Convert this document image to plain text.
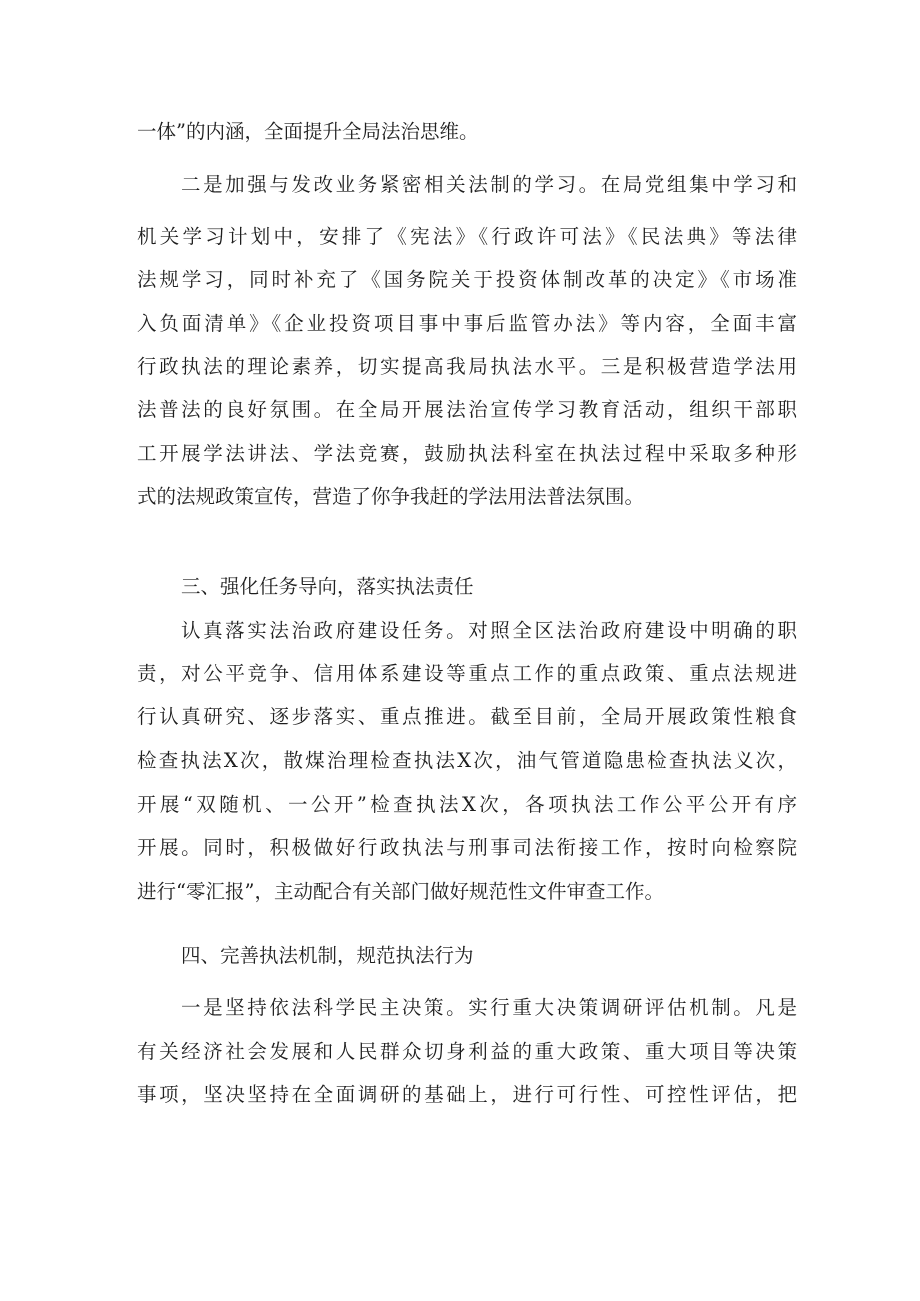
一体”的内涵，全面提升全局法治思维。
二是加强与发改业务紧密相关法制的学习。在局党组集中学习和
机关学习计划中，安排了《宪法》《行政许可法》《民法典》等法律
法规学习，同时补充了《国务院关于投资体制改革的决定》《市场准
入负面清单》《企业投资项目事中事后监管办法》等内容，全面丰富
行政执法的理论素养，切实提高我局执法水平。三是积极营造学法用
法普法的良好氛围。在全局开展法治宣传学习教育活动，组织干部职
工开展学法讲法、学法竞赛，鼓励执法科室在执法过程中采取多种形
式的法规政策宣传，营造了你争我赶的学法用法普法氛围。
三、强化任务导向，落实执法责任
认真落实法治政府建设任务。对照全区法治政府建设中明确的职
责，对公平竞争、信用体系建设等重点工作的重点政策、重点法规进
行认真研究、逐步落实、重点推进。截至目前，全局开展政策性粮食
检查执法X次，散煤治理检查执法X次，油气管道隐患检查执法义次，
开展“双随机、一公开”检查执法X次，各项执法工作公平公开有序
开展。同时，积极做好行政执法与刑事司法衔接工作，按时向检察院
进行“零汇报”，主动配合有关部门做好规范性文件审查工作。
四、完善执法机制，规范执法行为
一是坚持依法科学民主决策。实行重大决策调研评估机制。凡是
有关经济社会发展和人民群众切身利益的重大政策、重大项目等决策
事项，坚决坚持在全面调研的基础上，进行可行性、可控性评估，把
